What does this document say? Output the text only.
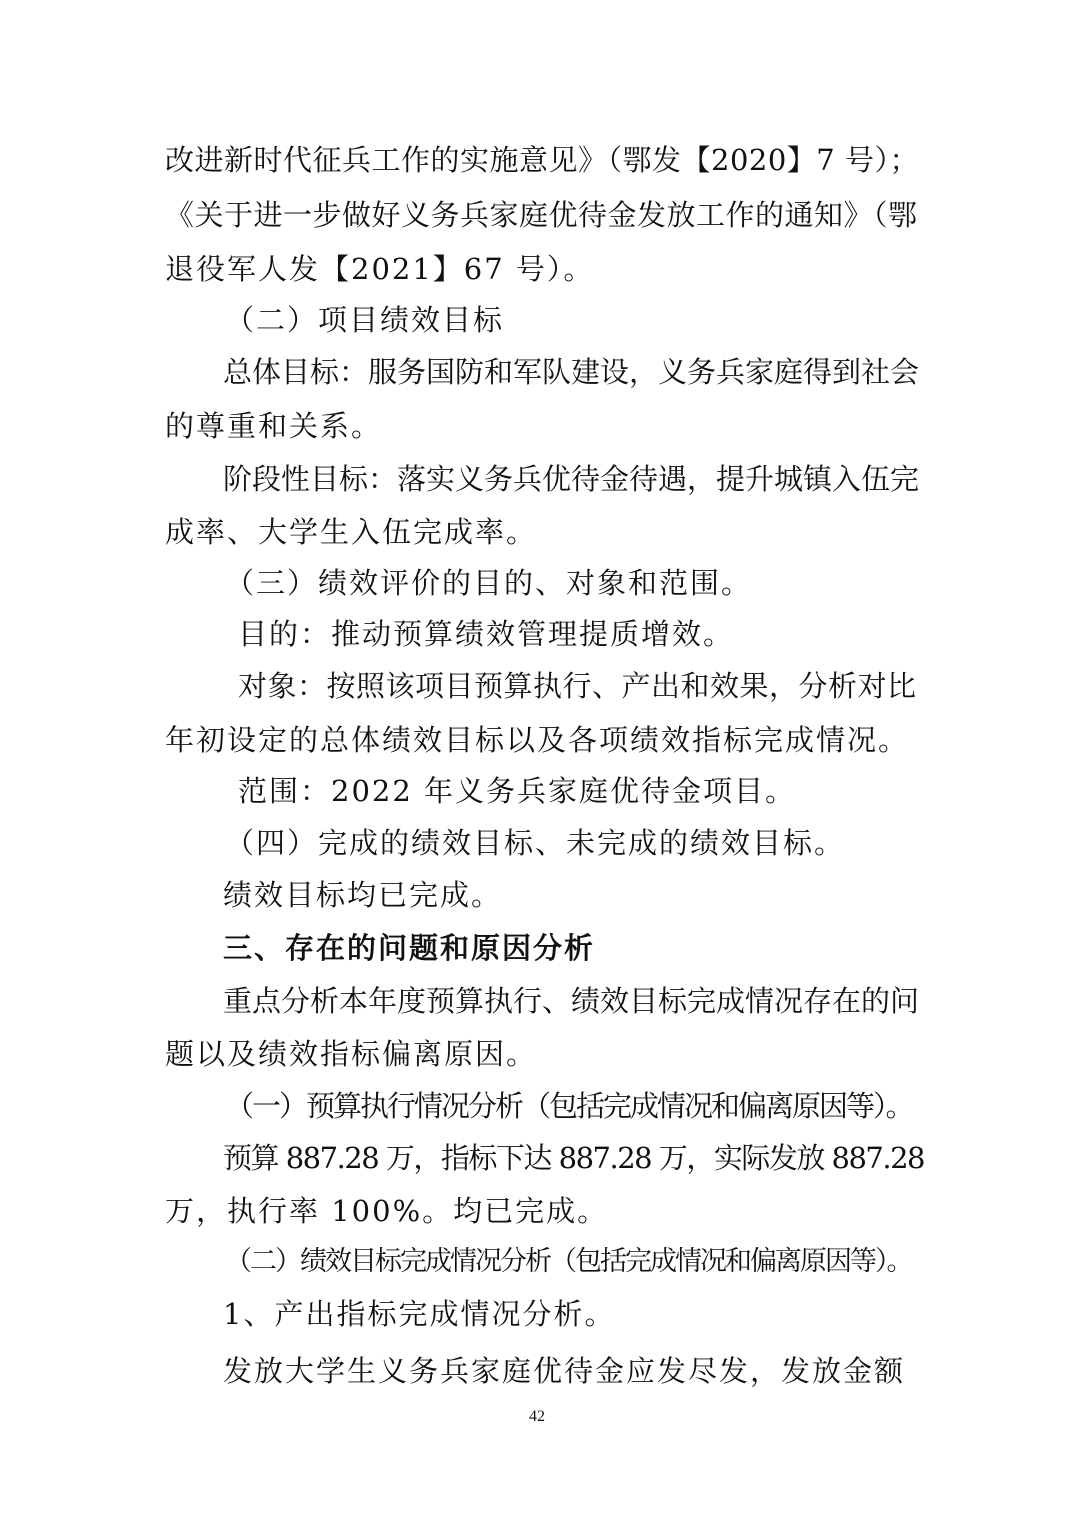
改进新时代征兵工作的实施意见》（鄂发【2020】7 号）；
《关于进一步做好义务兵家庭优待金发放工作的通知》（鄂
退役军人发【2021】67 号）。
（二）项目绩效目标
总体目标：服务国防和军队建设，义务兵家庭得到社会
的尊重和关系。
阶段性目标：落实义务兵优待金待遇，提升城镇入伍完
成率、大学生入伍完成率。
（三）绩效评价的目的、对象和范围。
目的：推动预算绩效管理提质增效。
对象：按照该项目预算执行、产出和效果，分析对比
年初设定的总体绩效目标以及各项绩效指标完成情况。
范围：2022 年义务兵家庭优待金项目。
（四）完成的绩效目标、未完成的绩效目标。
绩效目标均已完成。
三、存在的问题和原因分析
重点分析本年度预算执行、绩效目标完成情况存在的问
题以及绩效指标偏离原因。
（一）预算执行情况分析（包括完成情况和偏离原因等）。
预算 887.28 万，指标下达 887.28 万，实际发放 887.28
万，执行率 100%。均已完成。
（二）绩效目标完成情况分析（包括完成情况和偏离原因等）。
1、产出指标完成情况分析。
发放大学生义务兵家庭优待金应发尽发，发放金额
42
